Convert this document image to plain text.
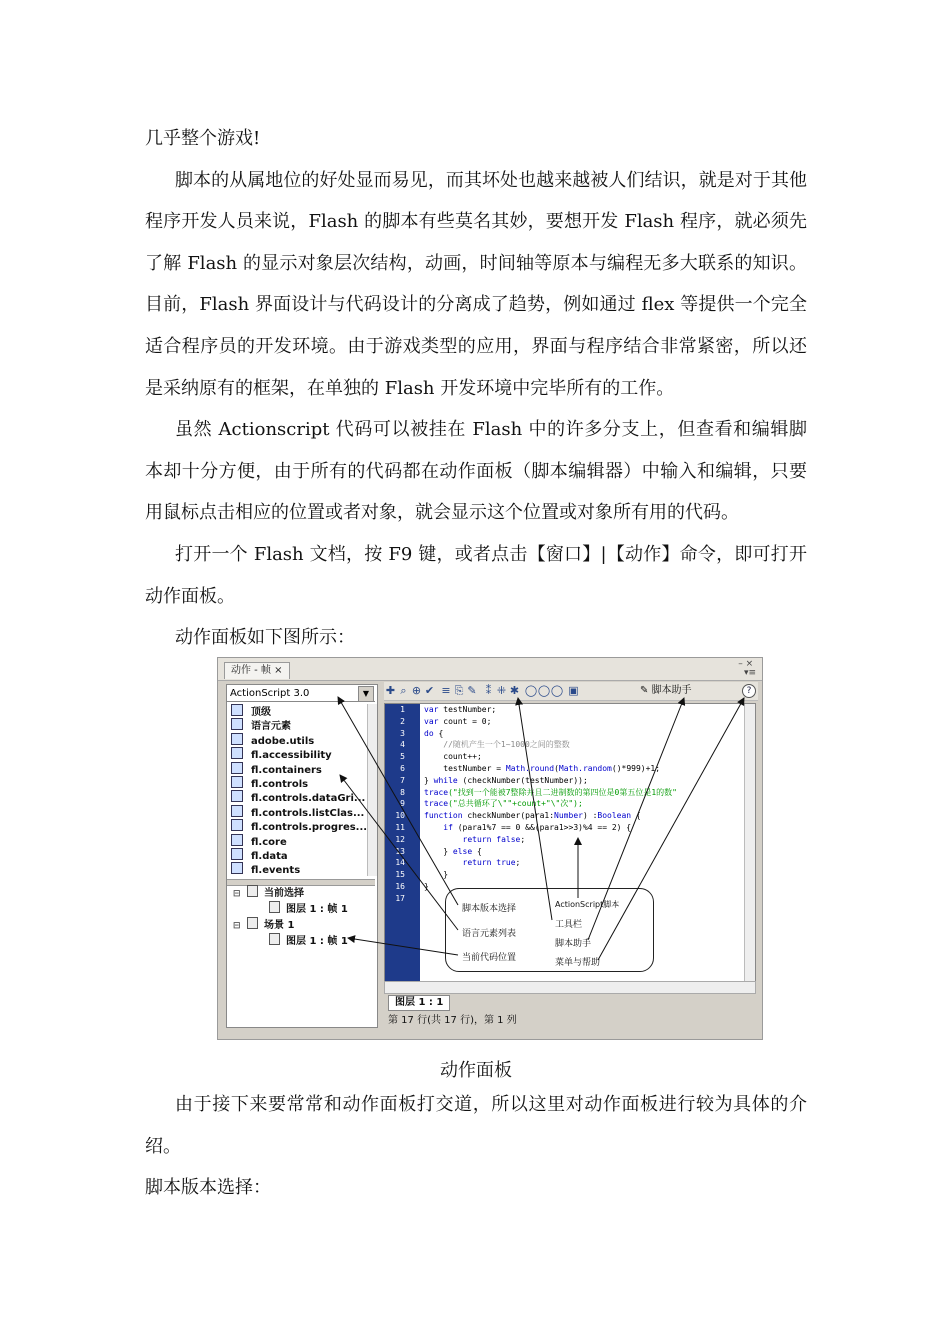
几乎整个游戏!

脚本的从属地位的好处显而易见，而其坏处也越来越被人们结识，就是对于其他程序开发人员来说，Flash 的脚本有些莫名其妙，要想开发 Flash 程序，就必须先了解 Flash 的显示对象层次结构，动画，时间轴等原本与编程无多大联系的知识。目前，Flash 界面设计与代码设计的分离成了趋势，例如通过 flex 等提供一个完全适合程序员的开发环境。由于游戏类型的应用，界面与程序结合非常紧密，所以还是采纳原有的框架，在单独的 Flash 开发环境中完毕所有的工作。

虽然 Actionscript 代码可以被挂在 Flash 中的许多分支上，但查看和编辑脚本却十分方便，由于所有的代码都在动作面板（脚本编辑器）中输入和编辑，只要用鼠标点击相应的位置或者对象，就会显示这个位置或对象所有用的代码。

打开一个 Flash 文档，按 F9 键，或者点击【窗口】|【动作】命令，即可打开动作面板。

动作面板如下图所示：

动作 - 帧 ×
– ×
▾≡
ActionScript 3.0	▼
顶级
语言元素
adobe.utils
fl.accessibility
fl.containers
fl.controls
fl.controls.dataGri...
fl.controls.listClas...
fl.controls.progres...
fl.core
fl.data
fl.events
⊟ 当前选择
图层 1 : 帧 1
⊟ 场景 1
图层 1 : 帧 1
✚ ⌕ ⊕ ✔ ≡ ⎘ ✎ ⁑ ⁜ ✱ ◯◯◯ ▣	✎ 脚本助手	?
1
2
3
4
5
6
7
8
9
10
11
12
13
14
15
16
17
var testNumber;
var count = 0;
do {
//随机产生一个1~1000之间的整数
count++;
testNumber = Math.round(Math.random()*999)+1;
} while (checkNumber(testNumber));
trace("找到一个能被7整除并且二进制数的第四位是0第五位是1的数"
trace("总共循环了\""+count+"\"次");
function checkNumber(para1:Number) :Boolean {
if (para1%7 == 0 &&(para1>>3)%4 == 2) {
return false;
} else {
return true;
}
}
图层 1 : 1
第 17 行(共 17 行)，第 1 列
脚本版本选择
语言元素列表
当前代码位置
ActionScript脚本
工具栏
脚本助手
菜单与帮助
动作面板

由于接下来要常常和动作面板打交道，所以这里对动作面板进行较为具体的介绍。

脚本版本选择：
